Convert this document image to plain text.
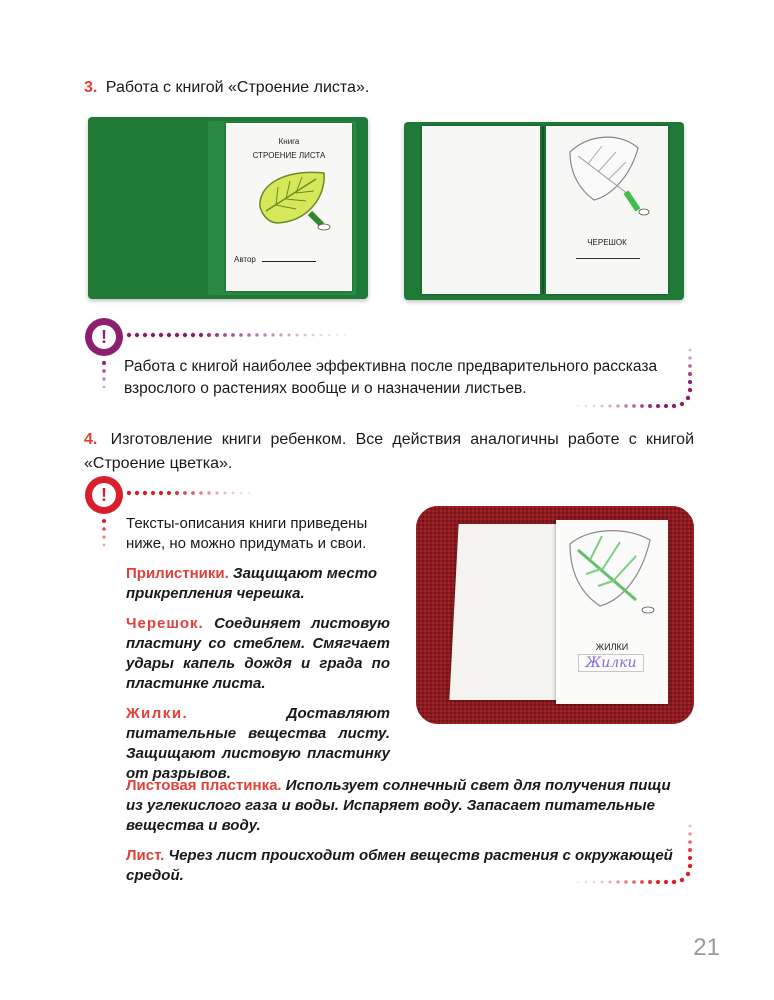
3. Работа с книгой «Строение листа».
Книга
СТРОЕНИЕ ЛИСТА
Автор
ЧЕРЕШОК
!
Работа с книгой наиболее эффективна после предварительного рассказа взрослого о растениях вообще и о назначении листьев.
4. Изготовление книги ребенком. Все действия аналогичны работе с книгой «Строение цветка».
!

Тексты-описания книги приведены ниже, но можно придумать и свои.

Прилистники. Защищают место прикрепления черешка.

Черешок. Соединяет листовую пластину со стеблем. Смягчает удары капель дождя и града по пластинке листа.

Жилки.	Доставляют питательные вещества листу. Защищают листовую пластинку от разрывов.

ЖИЛКИ
Жилки

Листовая пластинка. Использует солнечный свет для получения пищи из углекислого газа и воды. Испаряет воду. Запасает питательные вещества и воду.

Лист. Через лист происходит обмен веществ растения с окружающей средой.

21
